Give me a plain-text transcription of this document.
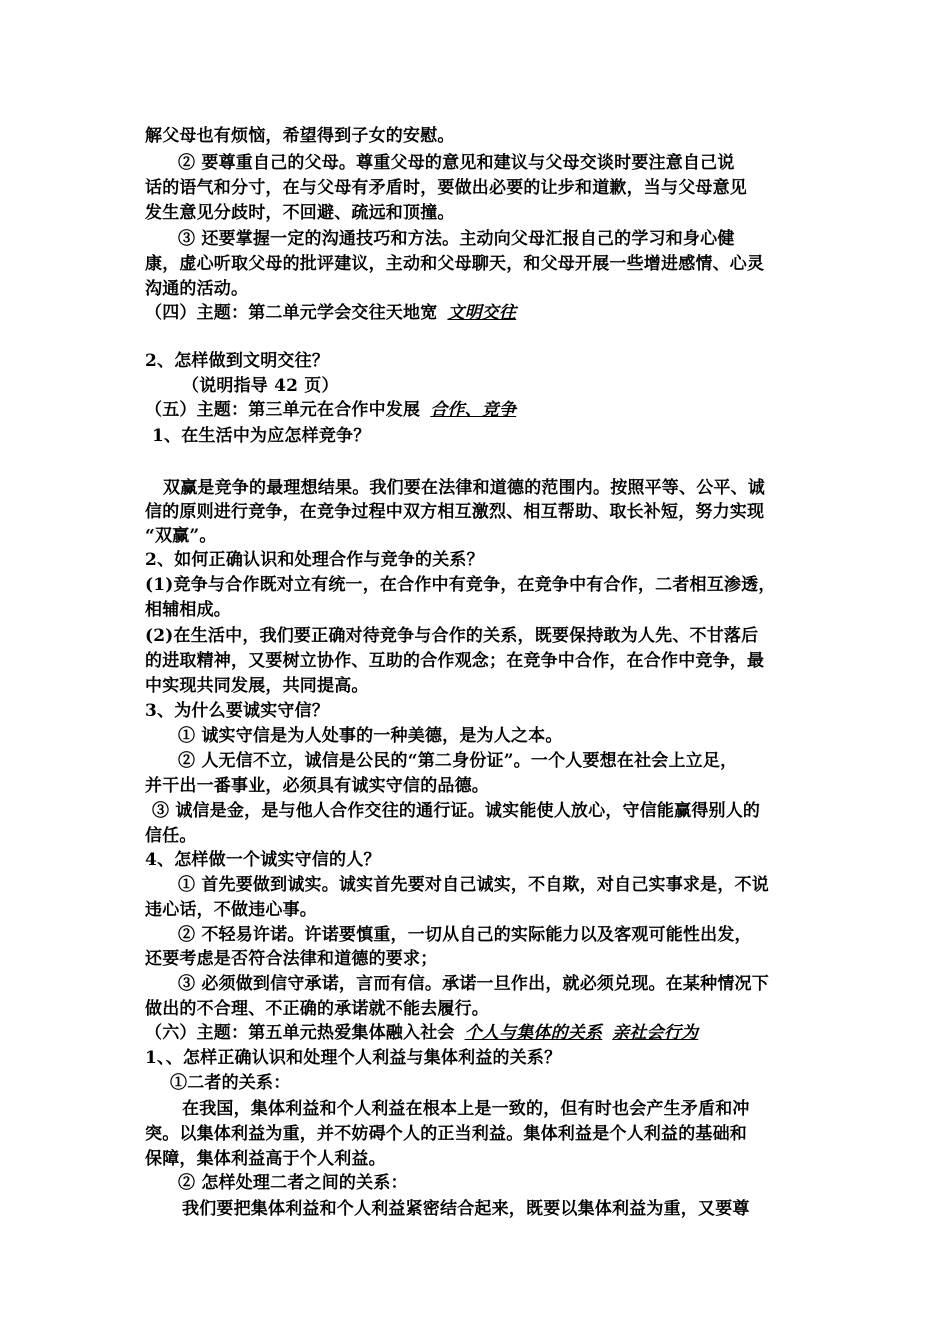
解父母也有烦恼，希望得到子女的安慰。

② 要尊重自己的父母。尊重父母的意见和建议与父母交谈时要注意自己说

话的语气和分寸，在与父母有矛盾时，要做出必要的让步和道歉，当与父母意见

发生意见分歧时，不回避、疏远和顶撞。

③ 还要掌握一定的沟通技巧和方法。主动向父母汇报自己的学习和身心健

康，虚心听取父母的批评建议，主动和父母聊天，和父母开展一些增进感情、心灵

沟通的活动。

（四）主题：第二单元学会交往天地宽 文明交往

2、怎样做到文明交往？

（说明指导 42 页）

（五）主题：第三单元在合作中发展 合作、竞争

1、在生活中为应怎样竞争？

双赢是竞争的最理想结果。我们要在法律和道德的范围内。按照平等、公平、诚

信的原则进行竞争，在竞争过程中双方相互激烈、相互帮助、取长补短，努力实现

“双赢”。

2、如何正确认识和处理合作与竞争的关系？

(1)竞争与合作既对立有统一，在合作中有竞争，在竞争中有合作，二者相互渗透，

相辅相成。

(2)在生活中，我们要正确对待竞争与合作的关系，既要保持敢为人先、不甘落后

的进取精神，又要树立协作、互助的合作观念；在竞争中合作，在合作中竞争，最

中实现共同发展，共同提高。

3、为什么要诚实守信？

① 诚实守信是为人处事的一种美德，是为人之本。

② 人无信不立，诚信是公民的“第二身份证”。一个人要想在社会上立足，

并干出一番事业，必须具有诚实守信的品德。

③ 诚信是金，是与他人合作交往的通行证。诚实能使人放心，守信能赢得别人的

信任。

4、怎样做一个诚实守信的人？

① 首先要做到诚实。诚实首先要对自己诚实，不自欺，对自己实事求是，不说

违心话，不做违心事。

② 不轻易许诺。许诺要慎重，一切从自己的实际能力以及客观可能性出发，

还要考虑是否符合法律和道德的要求；

③ 必须做到信守承诺，言而有信。承诺一旦作出，就必须兑现。在某种情况下

做出的不合理、不正确的承诺就不能去履行。

（六）主题：第五单元热爱集体融入社会 个人与集体的关系 亲社会行为

1、、怎样正确认识和处理个人利益与集体利益的关系？

①二者的关系：

在我国，集体利益和个人利益在根本上是一致的，但有时也会产生矛盾和冲

突。以集体利益为重，并不妨碍个人的正当利益。集体利益是个人利益的基础和

保障，集体利益高于个人利益。

② 怎样处理二者之间的关系：

我们要把集体利益和个人利益紧密结合起来，既要以集体利益为重，又要尊
